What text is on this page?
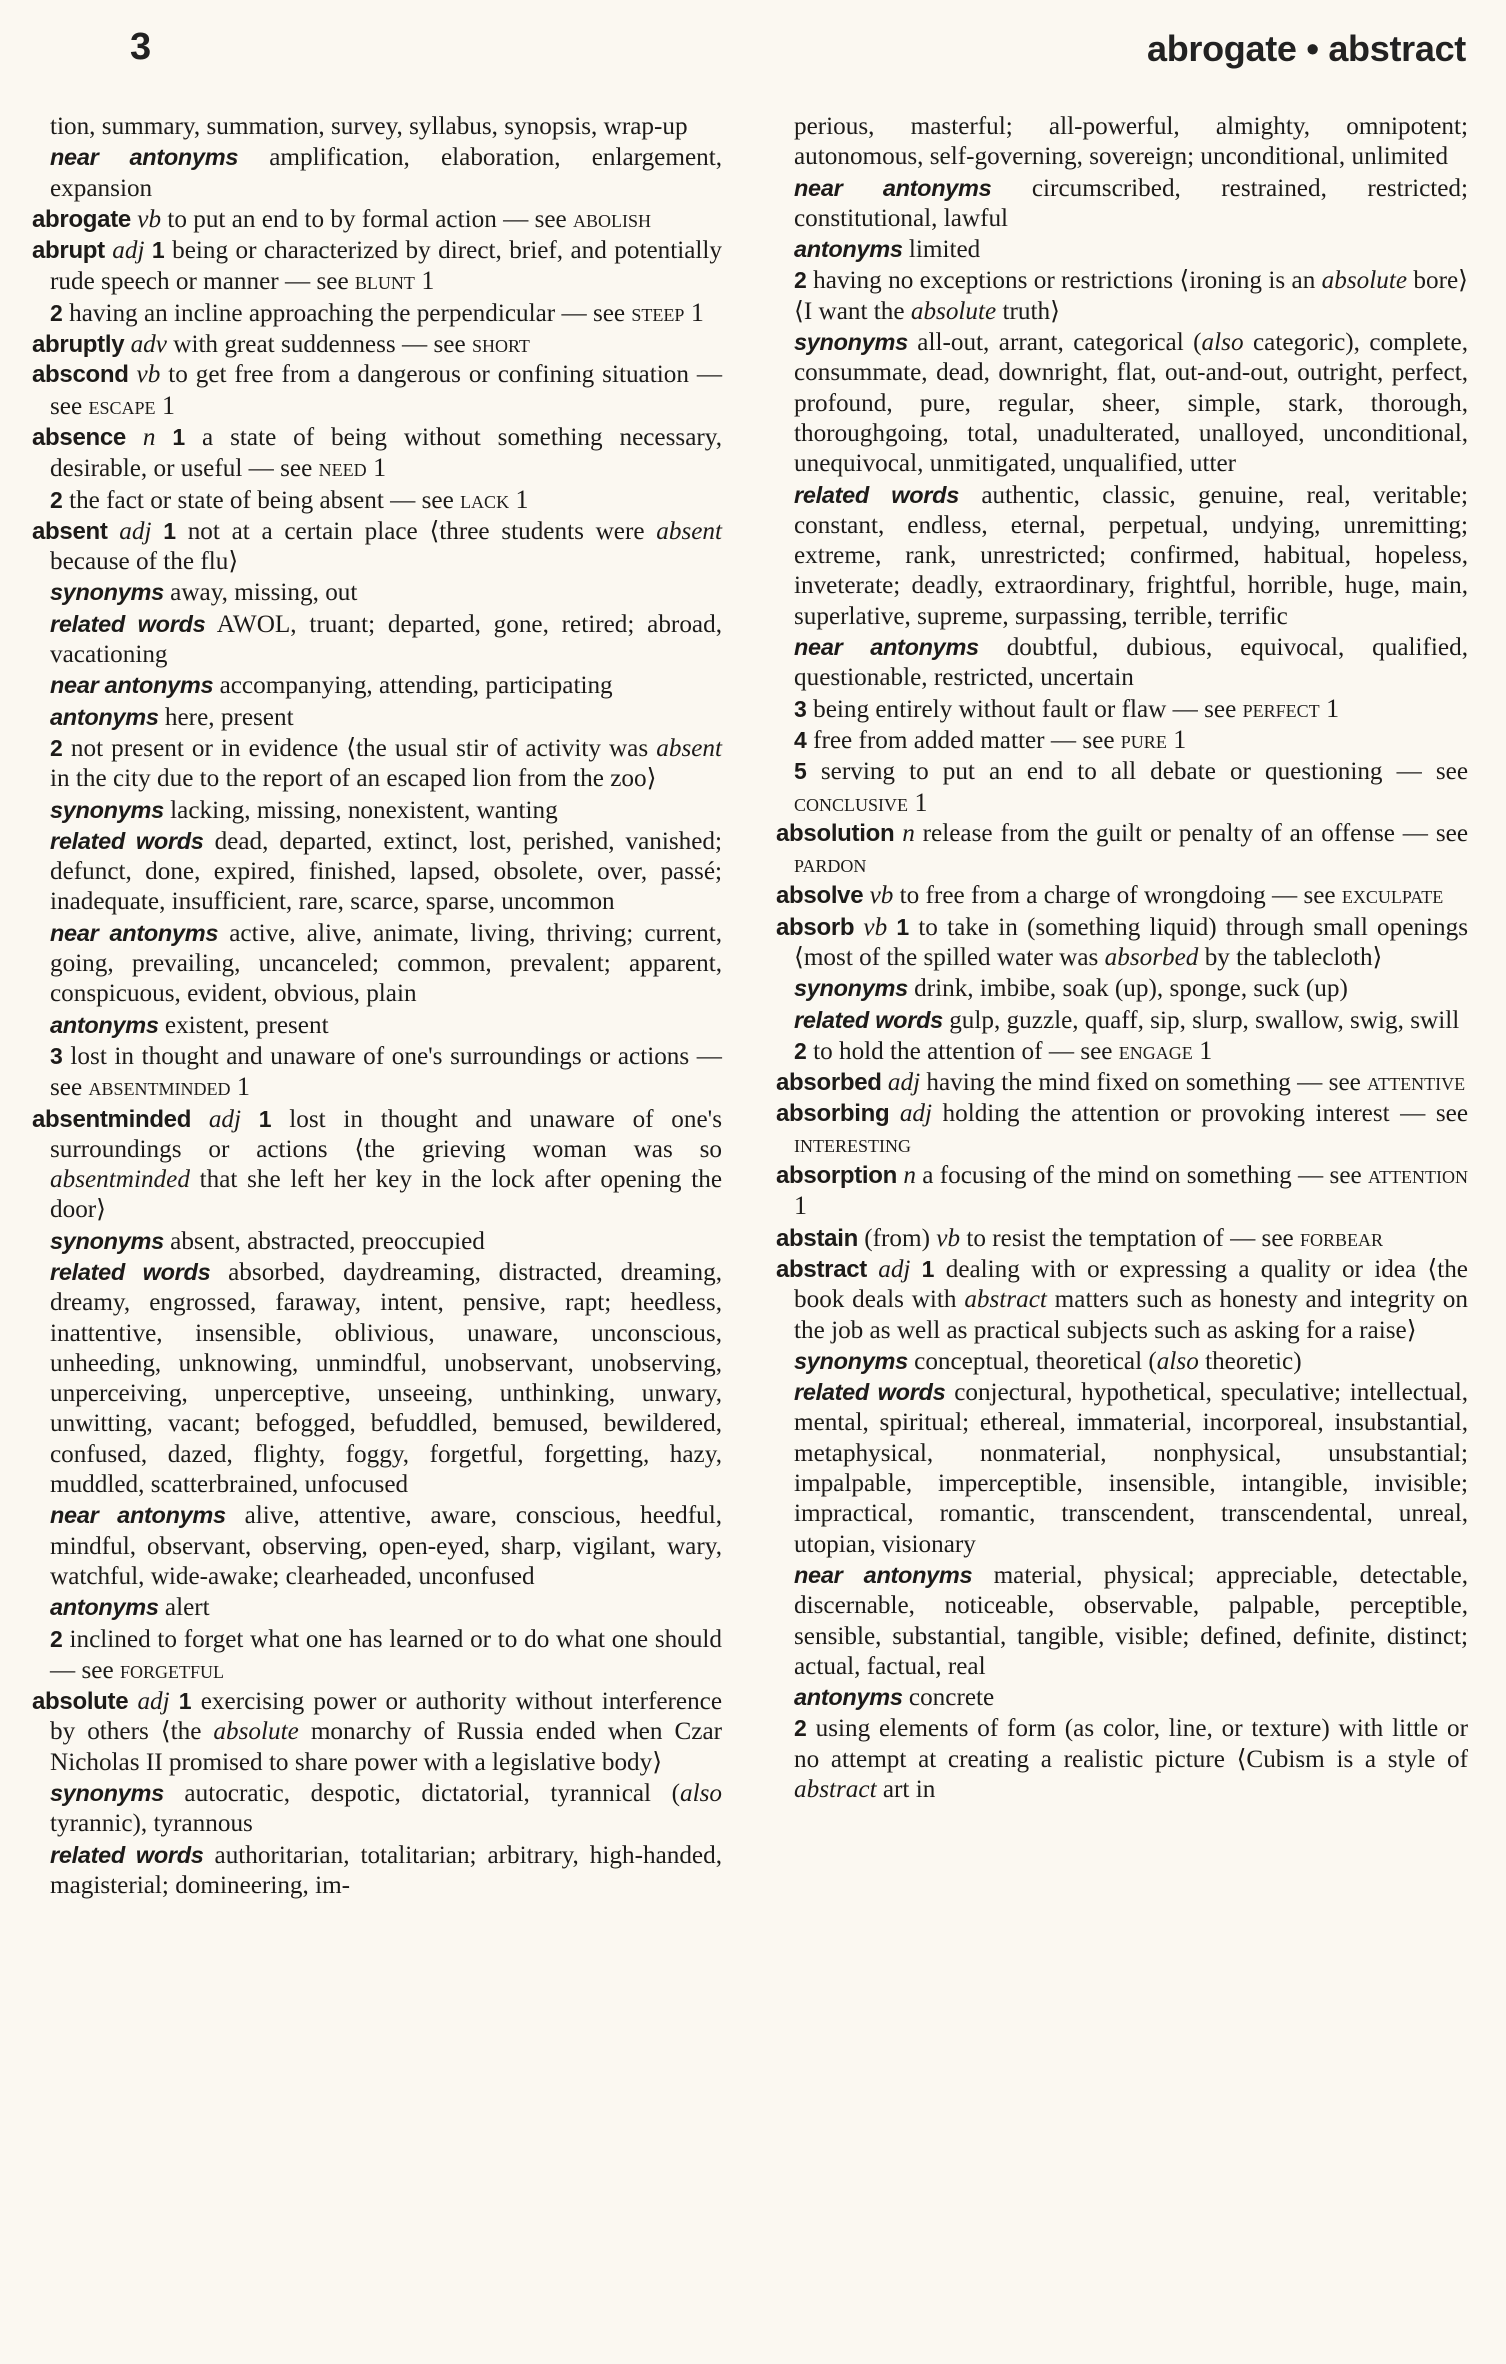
3	abrogate • abstract
tion, summary, summation, survey, syllabus, synopsis, wrap-up
near antonyms amplification, elaboration, enlargement, expansion
abrogate vb to put an end to by formal action — see abolish
abrupt adj 1 being or characterized by direct, brief, and potentially rude speech or manner — see blunt 1
2 having an incline approaching the perpendicular — see steep 1
abruptly adv with great suddenness — see short
abscond vb to get free from a dangerous or confining situation — see escape 1
absence n 1 a state of being without something necessary, desirable, or useful — see need 1
2 the fact or state of being absent — see lack 1
absent adj 1 not at a certain place ⟨three students were absent because of the flu⟩
synonyms away, missing, out
related words AWOL, truant; departed, gone, retired; abroad, vacationing
near antonyms accompanying, attending, participating
antonyms here, present
2 not present or in evidence ⟨the usual stir of activity was absent in the city due to the report of an escaped lion from the zoo⟩
synonyms lacking, missing, nonexistent, wanting
related words dead, departed, extinct, lost, perished, vanished; defunct, done, expired, finished, lapsed, obsolete, over, passé; inadequate, insufficient, rare, scarce, sparse, uncommon
near antonyms active, alive, animate, living, thriving; current, going, prevailing, uncanceled; common, prevalent; apparent, conspicuous, evident, obvious, plain
antonyms existent, present
3 lost in thought and unaware of one's surroundings or actions — see absentminded 1
absentminded adj 1 lost in thought and unaware of one's surroundings or actions ⟨the grieving woman was so absentminded that she left her key in the lock after opening the door⟩
synonyms absent, abstracted, preoccupied
related words absorbed, daydreaming, distracted, dreaming, dreamy, engrossed, faraway, intent, pensive, rapt; heedless, inattentive, insensible, oblivious, unaware, unconscious, unheeding, unknowing, unmindful, unobservant, unobserving, unperceiving, unperceptive, unseeing, unthinking, unwary, unwitting, vacant; befogged, befuddled, bemused, bewildered, confused, dazed, flighty, foggy, forgetful, forgetting, hazy, muddled, scatterbrained, unfocused
near antonyms alive, attentive, aware, conscious, heedful, mindful, observant, observing, open-eyed, sharp, vigilant, wary, watchful, wide-awake; clearheaded, unconfused
antonyms alert
2 inclined to forget what one has learned or to do what one should — see forgetful
absolute adj 1 exercising power or authority without interference by others ⟨the absolute monarchy of Russia ended when Czar Nicholas II promised to share power with a legislative body⟩
synonyms autocratic, despotic, dictatorial, tyrannical (also tyrannic), tyrannous
related words authoritarian, totalitarian; arbitrary, high-handed, magisterial; domineering, im-
perious, masterful; all-powerful, almighty, omnipotent; autonomous, self-governing, sovereign; unconditional, unlimited
near antonyms circumscribed, restrained, restricted; constitutional, lawful
antonyms limited
2 having no exceptions or restrictions ⟨ironing is an absolute bore⟩ ⟨I want the absolute truth⟩
synonyms all-out, arrant, categorical (also categoric), complete, consummate, dead, downright, flat, out-and-out, outright, perfect, profound, pure, regular, sheer, simple, stark, thorough, thoroughgoing, total, unadulterated, unalloyed, unconditional, unequivocal, unmitigated, unqualified, utter
related words authentic, classic, genuine, real, veritable; constant, endless, eternal, perpetual, undying, unremitting; extreme, rank, unrestricted; confirmed, habitual, hopeless, inveterate; deadly, extraordinary, frightful, horrible, huge, main, superlative, supreme, surpassing, terrible, terrific
near antonyms doubtful, dubious, equivocal, qualified, questionable, restricted, uncertain
3 being entirely without fault or flaw — see perfect 1
4 free from added matter — see pure 1
5 serving to put an end to all debate or questioning — see conclusive 1
absolution n release from the guilt or penalty of an offense — see pardon
absolve vb to free from a charge of wrongdoing — see exculpate
absorb vb 1 to take in (something liquid) through small openings ⟨most of the spilled water was absorbed by the tablecloth⟩
synonyms drink, imbibe, soak (up), sponge, suck (up)
related words gulp, guzzle, quaff, sip, slurp, swallow, swig, swill
2 to hold the attention of — see engage 1
absorbed adj having the mind fixed on something — see attentive
absorbing adj holding the attention or provoking interest — see interesting
absorption n a focusing of the mind on something — see attention 1
abstain (from) vb to resist the temptation of — see forbear
abstract adj 1 dealing with or expressing a quality or idea ⟨the book deals with abstract matters such as honesty and integrity on the job as well as practical subjects such as asking for a raise⟩
synonyms conceptual, theoretical (also theoretic)
related words conjectural, hypothetical, speculative; intellectual, mental, spiritual; ethereal, immaterial, incorporeal, insubstantial, metaphysical, nonmaterial, nonphysical, unsubstantial; impalpable, imperceptible, insensible, intangible, invisible; impractical, romantic, transcendent, transcendental, unreal, utopian, visionary
near antonyms material, physical; appreciable, detectable, discernable, noticeable, observable, palpable, perceptible, sensible, substantial, tangible, visible; defined, definite, distinct; actual, factual, real
antonyms concrete
2 using elements of form (as color, line, or texture) with little or no attempt at creating a realistic picture ⟨Cubism is a style of abstract art in
